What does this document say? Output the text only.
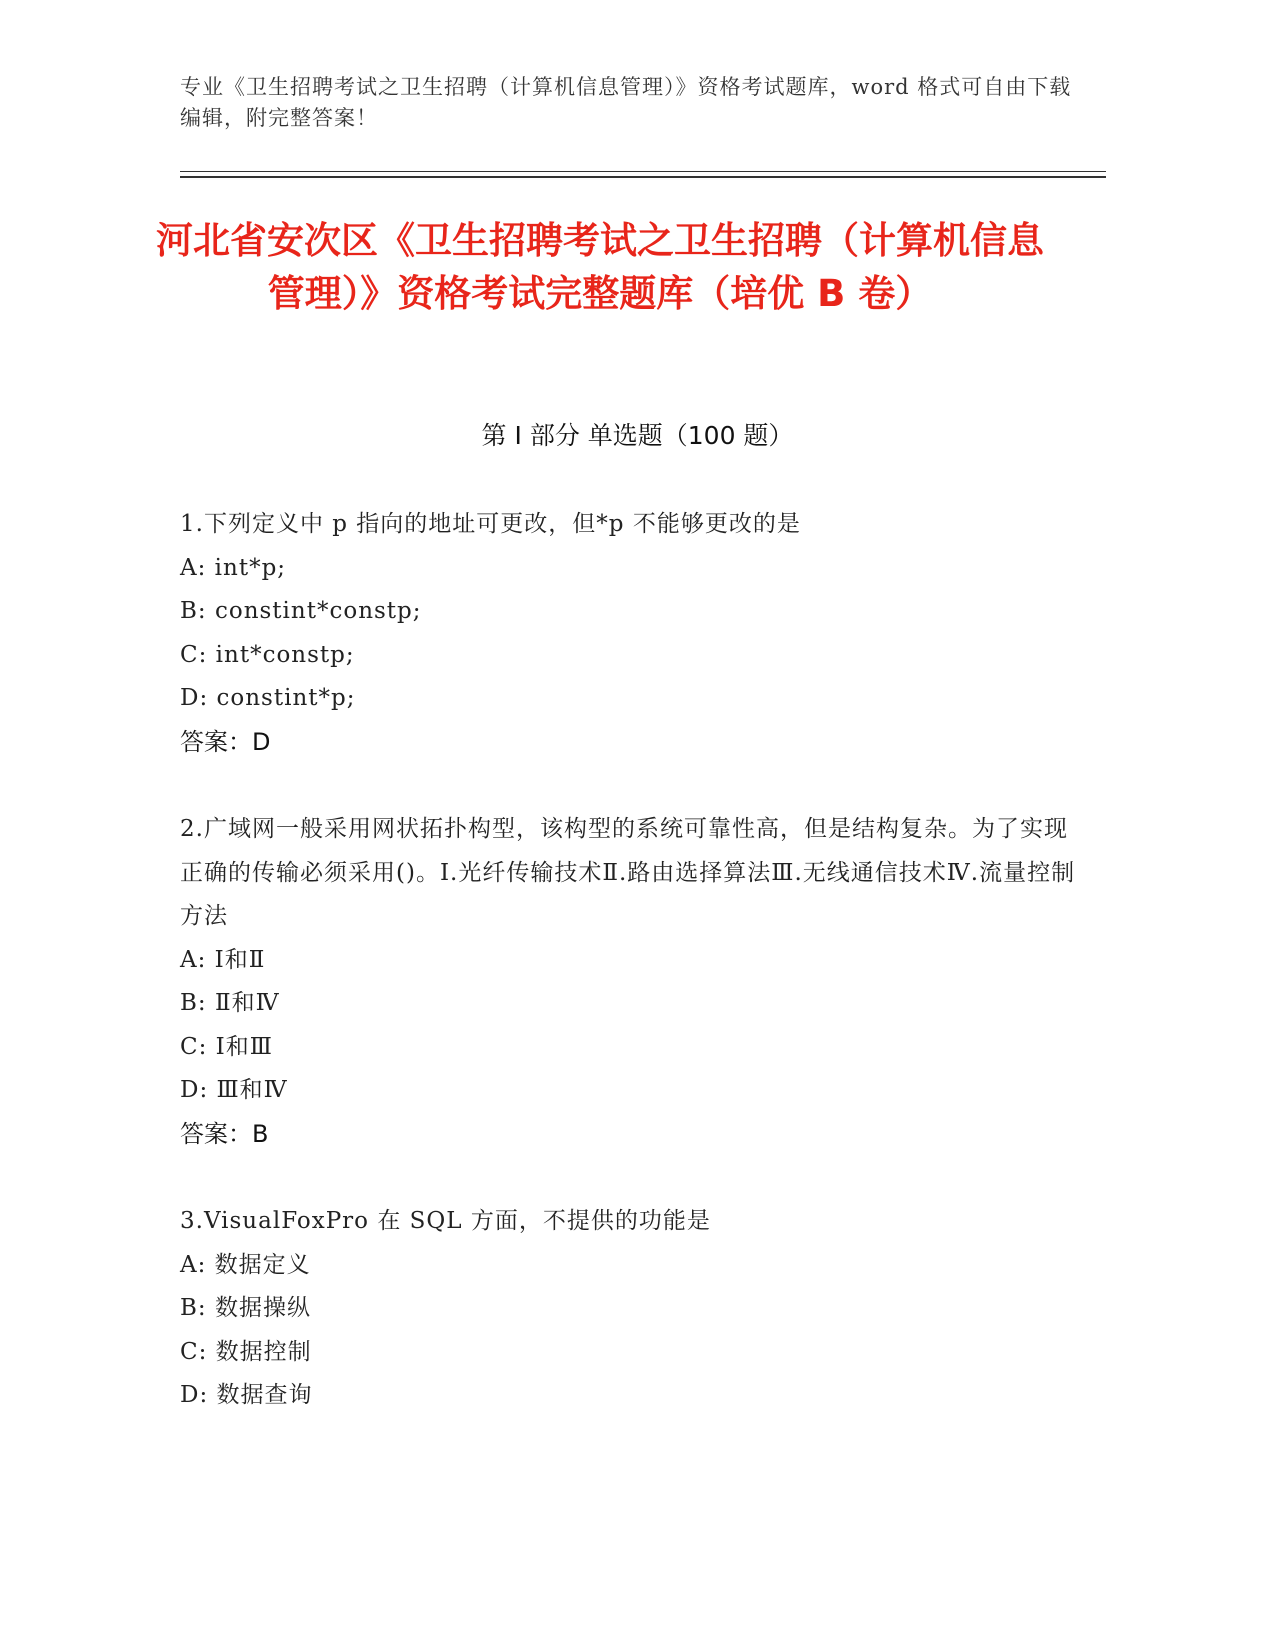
专业《卫生招聘考试之卫生招聘（计算机信息管理）》资格考试题库，word 格式可自由下载编辑，附完整答案！
河北省安次区《卫生招聘考试之卫生招聘（计算机信息管理）》资格考试完整题库（培优 B 卷）
第 I 部分 单选题（100 题）
1.下列定义中 p 指向的地址可更改，但*p 不能够更改的是
A: int*p;
B: constint*constp;
C: int*constp;
D: constint*p;
答案：D
2.广域网一般采用网状拓扑构型，该构型的系统可靠性高，但是结构复杂。为了实现正确的传输必须采用()。Ⅰ.光纤传输技术Ⅱ.路由选择算法Ⅲ.无线通信技术Ⅳ.流量控制方法
A: Ⅰ和Ⅱ
B: Ⅱ和Ⅳ
C: Ⅰ和Ⅲ
D: Ⅲ和Ⅳ
答案：B
3.VisualFoxPro 在 SQL 方面，不提供的功能是
A: 数据定义
B: 数据操纵
C: 数据控制
D: 数据查询
